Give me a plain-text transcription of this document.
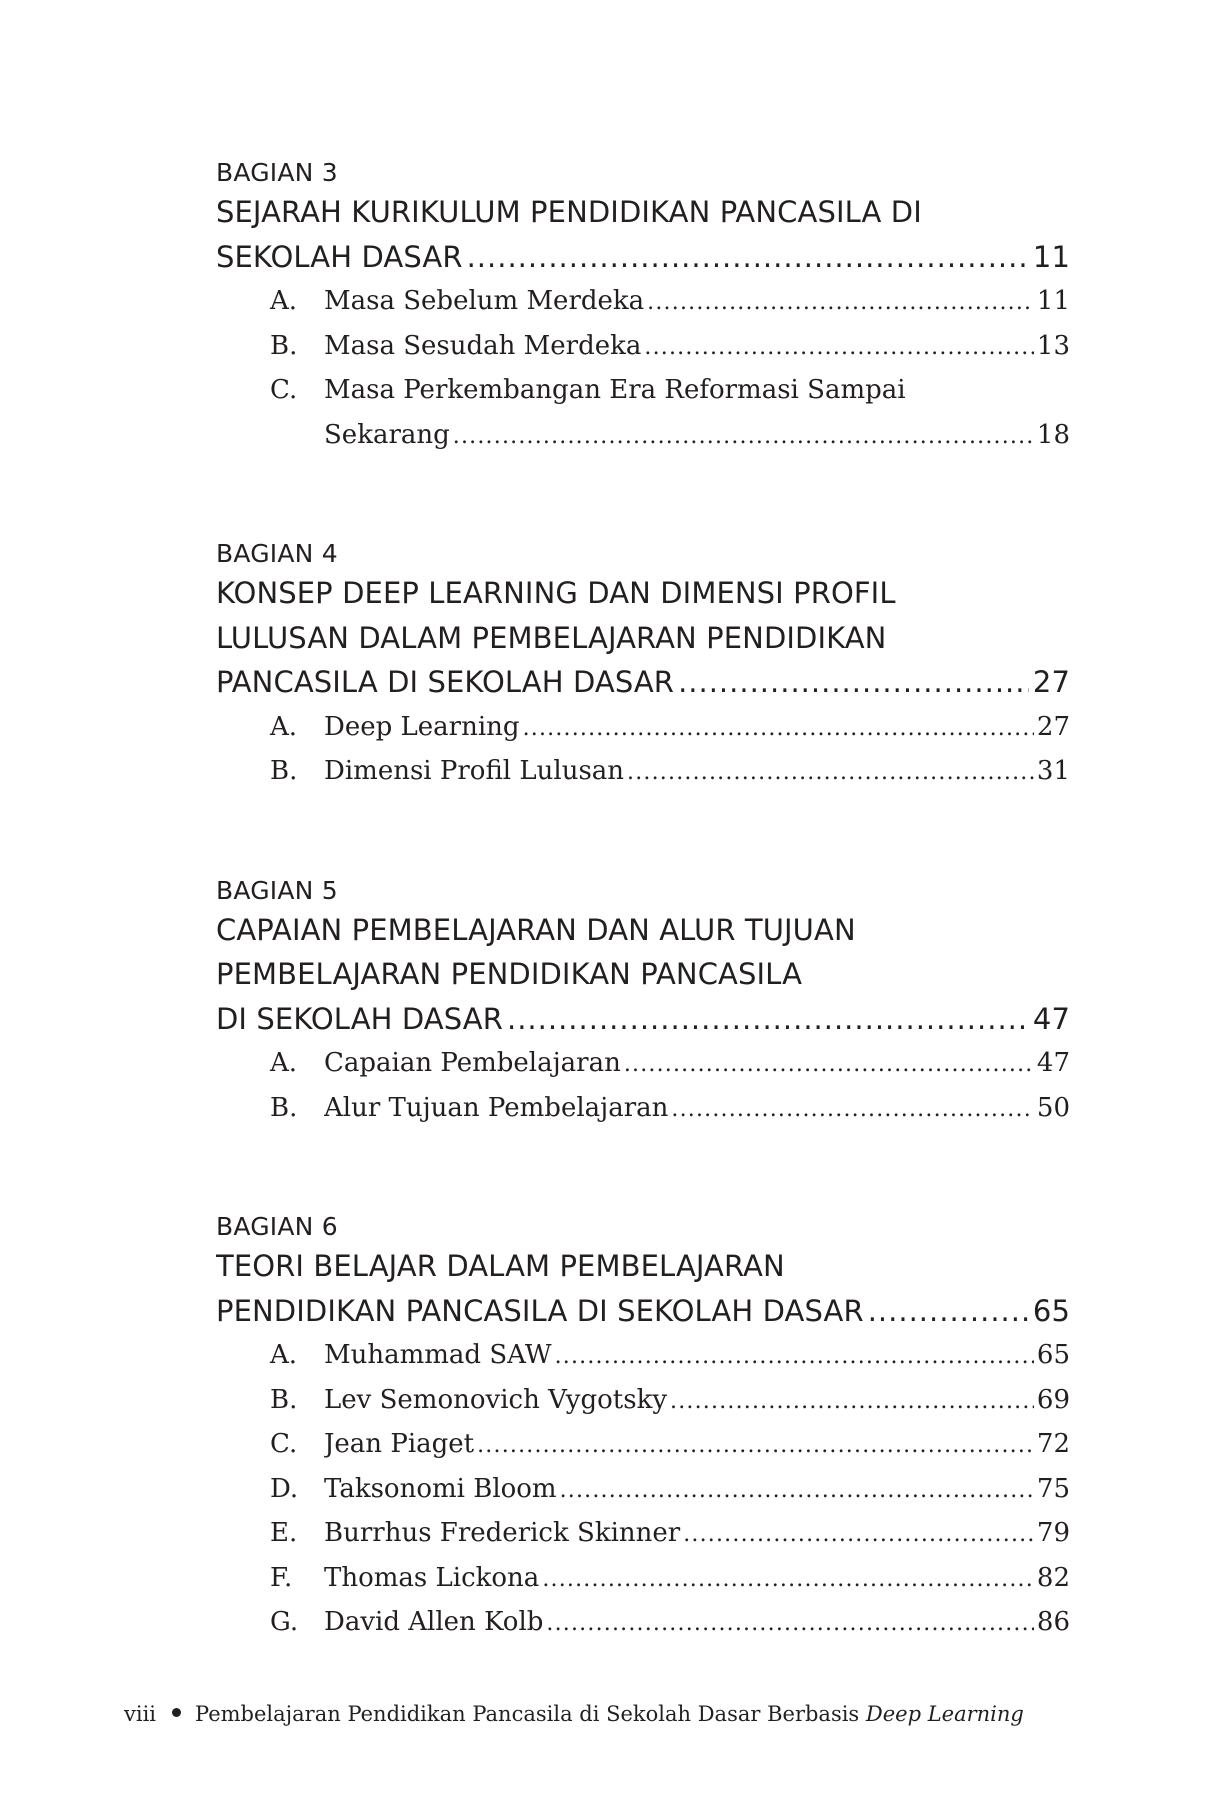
BAGIAN 3
SEJARAH KURIKULUM PENDIDIKAN PANCASILA DI
SEKOLAH DASAR .....	11
A.	Masa Sebelum Merdeka .....	11
B.	Masa Sesudah Merdeka .....	13
C.	Masa Perkembangan Era Reformasi Sampai
Sekarang .....	18
BAGIAN 4
KONSEP DEEP LEARNING DAN DIMENSI PROFIL
LULUSAN DALAM PEMBELAJARAN PENDIDIKAN
PANCASILA DI SEKOLAH DASAR .....	27
A.	Deep Learning .....	27
B.	Dimensi Profil Lulusan .....	31
BAGIAN 5
CAPAIAN PEMBELAJARAN DAN ALUR TUJUAN
PEMBELAJARAN PENDIDIKAN PANCASILA
DI SEKOLAH DASAR .....	47
A.	Capaian Pembelajaran .....	47
B.	Alur Tujuan Pembelajaran .....	50
BAGIAN 6
TEORI BELAJAR DALAM PEMBELAJARAN
PENDIDIKAN PANCASILA DI SEKOLAH DASAR .....	65
A.	Muhammad SAW .....	65
B.	Lev Semonovich Vygotsky .....	69
C.	Jean Piaget .....	72
D. Taksonomi Bloom .....	75
E.	Burrhus Frederick Skinner .....	79
F.	Thomas Lickona .....	82
G. David Allen Kolb .....	86
viii Pembelajaran Pendidikan Pancasila di Sekolah Dasar Berbasis
Deep Learning
